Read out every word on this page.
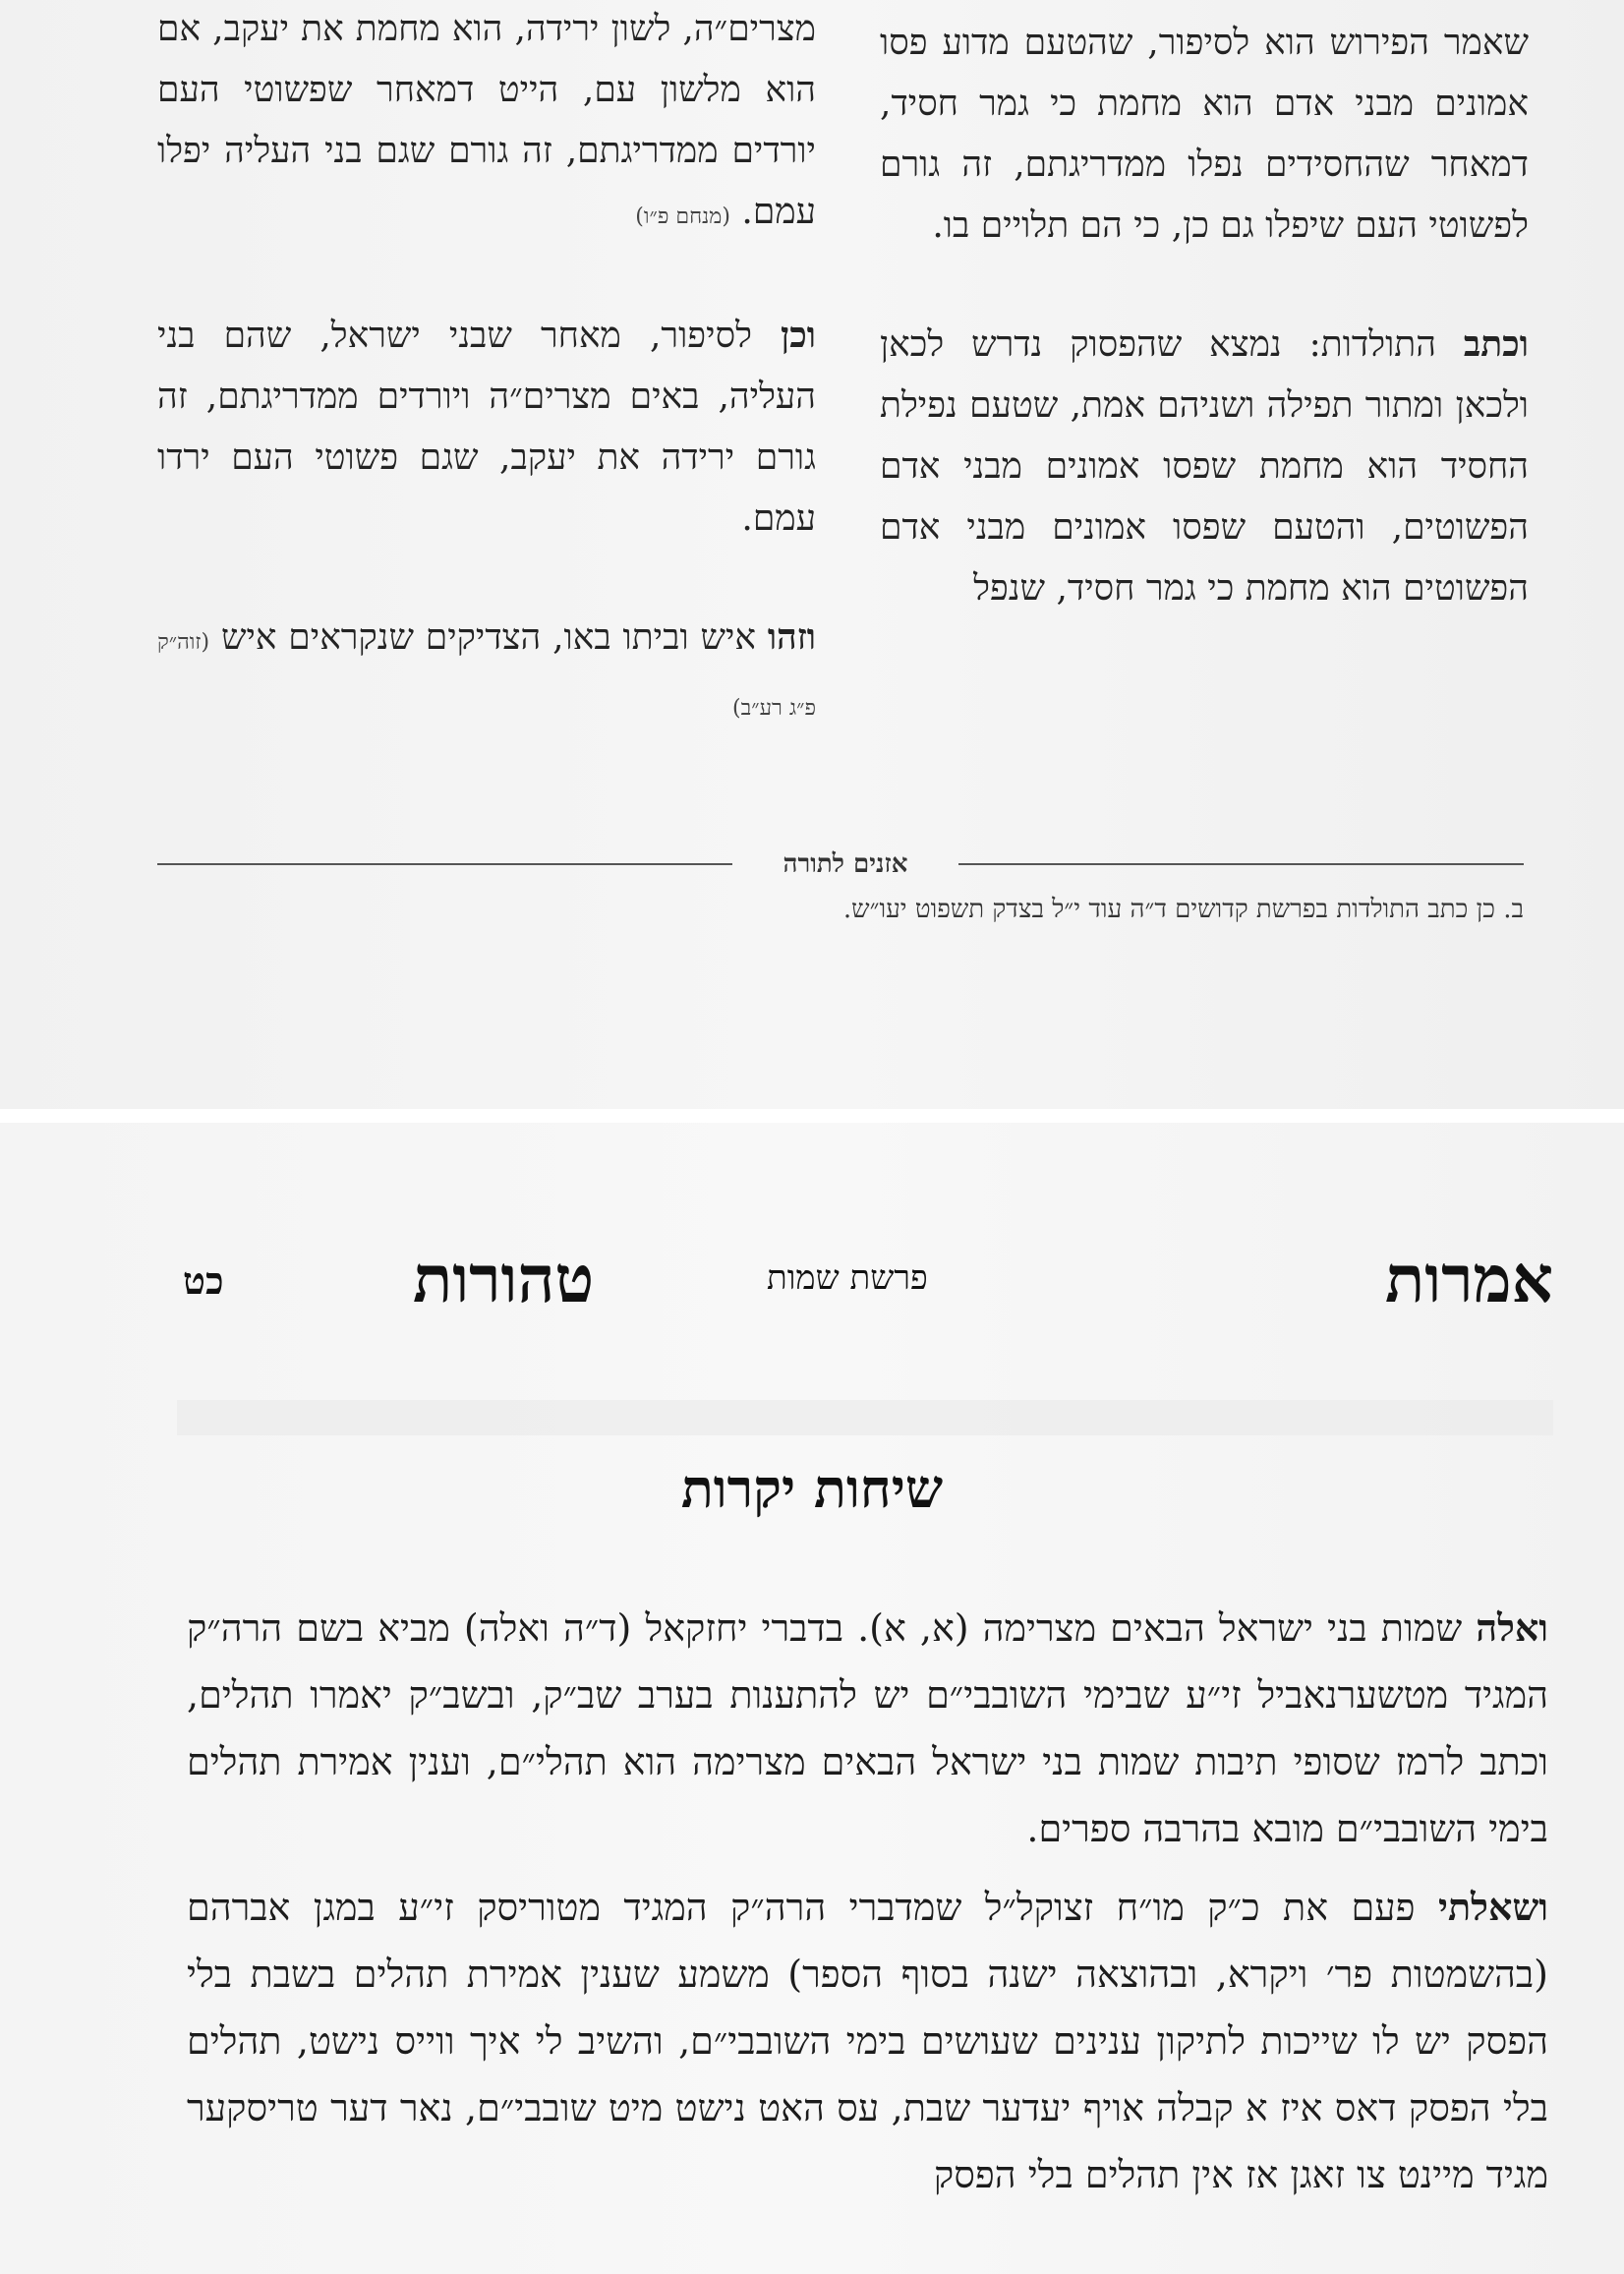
שאמר הפירוש הוא לסיפור, שהטעם מדוע פסו אמונים מבני אדם הוא מחמת כי גמר חסיד, דמאחר שהחסידים נפלו ממדריגתם, זה גורם לפשוטי העם שיפלו גם כן, כי הם תלויים בו.

וכתב התולדות: נמצא שהפסוק נדרש לכאן ולכאן ומתור תפילה ושניהם אמת, שטעם נפילת החסיד הוא מחמת שפסו אמונים מבני אדם הפשוטים, והטעם שפסו אמונים מבני אדם הפשוטים הוא מחמת כי גמר חסיד, שנפל

מצרים״ה, לשון ירידה, הוא מחמת את יעקב, אם הוא מלשון עם, הייט דמאחר שפשוטי העם יורדים ממדריגתם, זה גורם שגם בני העליה יפלו עמם. (מנחם פ״ו)

וכן לסיפור, מאחר שבני ישראל, שהם בני העליה, באים מצרים״ה ויורדים ממדריגתם, זה גורם ירידה את יעקב, שגם פשוטי העם ירדו עמם.

וזהו איש וביתו באו, הצדיקים שנקראים איש (זוה״ק פ״ג רע״ב)

אזנים לתורה
ב. כן כתב התולדות בפרשת קדושים ד״ה עוד י״ל בצדק תשפוט יעו״ש.
אמרות
פרשת שמות
טהורות
כט
שיחות יקרות

ואלה שמות בני ישראל הבאים מצרימה (א, א). בדברי יחזקאל (ד״ה ואלה) מביא בשם הרה״ק המגיד מטשערנאביל זי״ע שבימי השובבי״ם יש להתענות בערב שב״ק, ובשב״ק יאמרו תהלים, וכתב לרמז שסופי תיבות שמות בני ישראל הבאים מצרימה הוא תהלי״ם, וענין אמירת תהלים בימי השובבי״ם מובא בהרבה ספרים.

ושאלתי פעם את כ״ק מו״ח זצוקל״ל שמדברי הרה״ק המגיד מטוריסק זי״ע במגן אברהם (בהשמטות פר׳ ויקרא, ובהוצאה ישנה בסוף הספר) משמע שענין אמירת תהלים בשבת בלי הפסק יש לו שייכות לתיקון ענינים שעושים בימי השובבי״ם, והשיב לי איך ווייס נישט, תהלים בלי הפסק דאס איז א קבלה אויף יעדער שבת, עס האט נישט מיט שובבי״ם, נאר דער טריסקער מגיד מיינט צו זאגן אז אין תהלים בלי הפסק
